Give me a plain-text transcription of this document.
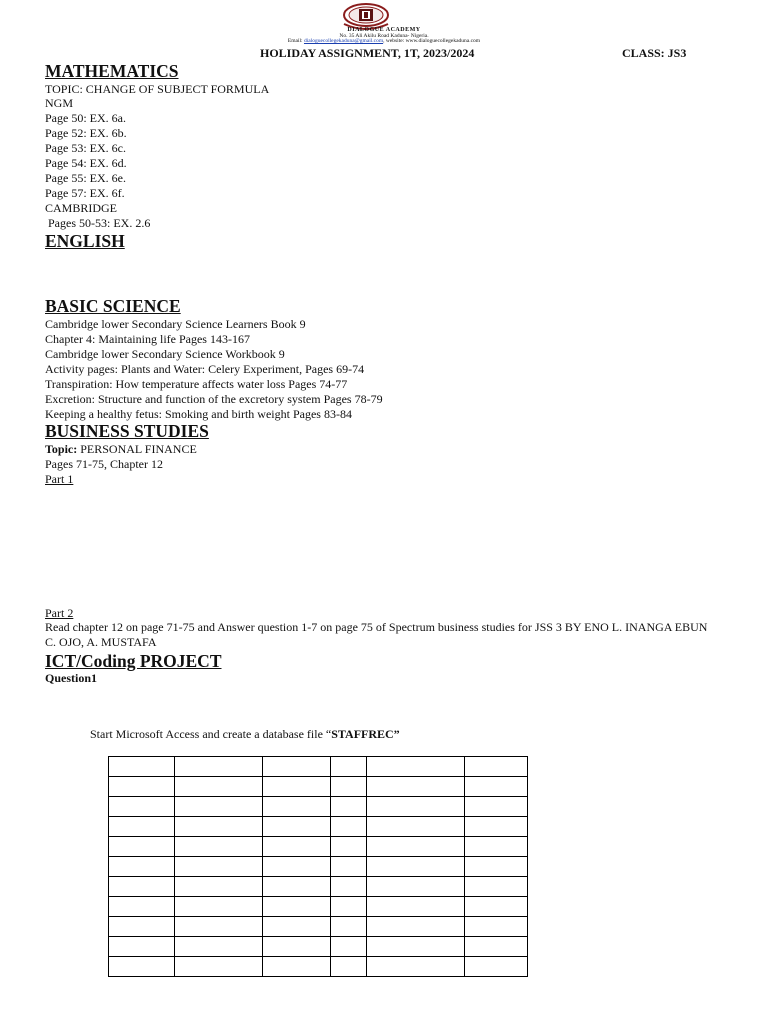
DIALOGUE ACADEMY
No. 35 Ali Akilu Road Kaduna- Nigeria.
Email: dialoguecollegekaduna@gmail.com, website: www.dialoguecollegekaduna.com
HOLIDAY ASSIGNMENT, 1T, 2023/2024	CLASS: JS3
MATHEMATICS
TOPIC: CHANGE OF SUBJECT FORMULA
NGM
Page 50: EX. 6a.
Page 52: EX. 6b.
Page 53: EX. 6c.
Page 54: EX. 6d.
Page 55: EX. 6e.
Page 57: EX. 6f.
CAMBRIDGE
Pages 50-53: EX. 2.6
ENGLISH
BASIC SCIENCE
Cambridge lower Secondary Science Learners Book 9
Chapter 4: Maintaining life Pages 143-167
Cambridge lower Secondary Science Workbook 9
Activity pages: Plants and Water: Celery Experiment, Pages 69-74
Transpiration: How temperature affects water loss Pages 74-77
Excretion: Structure and function of the excretory system Pages 78-79
Keeping a healthy fetus: Smoking and birth weight Pages 83-84
BUSINESS STUDIES
Topic: PERSONAL FINANCE
Pages 71-75, Chapter 12
Part 1
Part 2
Read chapter 12 on page 71-75 and Answer question 1-7 on page 75 of Spectrum business studies for JSS 3 BY ENO L. INANGA EBUN C. OJO, A. MUSTAFA
ICT/Coding PROJECT
Question1
Start Microsoft Access and create a database file “STAFFREC”
